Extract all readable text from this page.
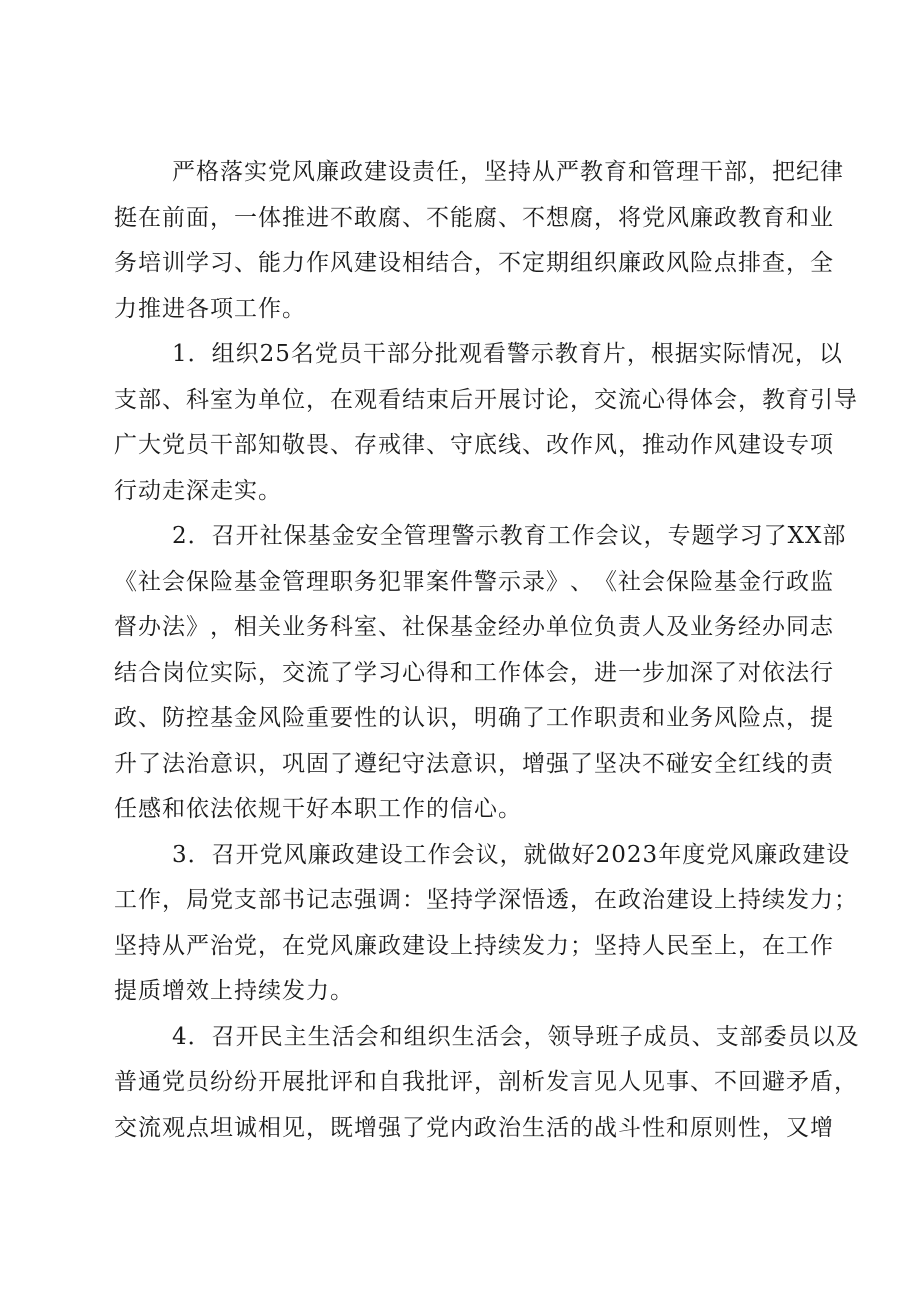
严 格 落 实 党 风 廉 政 建 设 责 任 ， 坚 持 从 严 教 育 和 管 理 干 部 ， 把 纪 律
挺 在 前 面 ， 一 体 推 进 不 敢 腐 、 不 能 腐 、 不 想 腐 ， 将 党 风 廉 政 教 育 和 业
务 培 训 学 习 、 能 力 作 风 建 设 相 结 合 ， 不 定 期 组 织 廉 政 风 险 点 排 查 ， 全
力推进各项工作。
1 ． 组 织 25 名 党 员 干 部 分 批 观 看 警 示 教 育 片 ， 根 据 实 际 情 况 ， 以
支 部 、 科 室 为 单 位 ， 在 观 看 结 束 后 开 展 讨 论 ， 交 流 心 得 体 会 ， 教 育 引 导
广 大 党 员 干 部 知 敬 畏 、 存 戒 律 、 守 底 线 、 改 作 风 ， 推 动 作 风 建 设 专 项
行动走深走实。
2 ． 召 开 社 保 基 金 安 全 管 理 警 示 教 育 工 作 会 议 ， 专 题 学 习 了 XX 部
《 社 会 保 险 基 金 管 理 职 务 犯 罪 案 件 警 示 录 》 、 《 社 会 保 险 基 金 行 政 监
督 办 法 》 ， 相 关 业 务 科 室 、 社 保 基 金 经 办 单 位 负 责 人 及 业 务 经 办 同 志
结 合 岗 位 实 际 ， 交 流 了 学 习 心 得 和 工 作 体 会 ， 进 一 步 加 深 了 对 依 法 行
政 、 防 控 基 金 风 险 重 要 性 的 认 识 ， 明 确 了 工 作 职 责 和 业 务 风 险 点 ， 提
升 了 法 治 意 识 ， 巩 固 了 遵 纪 守 法 意 识 ， 增 强 了 坚 决 不 碰 安 全 红 线 的 责
任感和依法依规干好本职工作的信心。
3 ． 召 开 党 风 廉 政 建 设 工 作 会 议 ， 就 做 好 2023 年 度 党 风 廉 政 建 设
工 作 ， 局 党 支 部 书 记 志 强 调 ： 坚 持 学 深 悟 透 ， 在 政 治 建 设 上 持 续 发 力 ；
坚 持 从 严 治 党 ， 在 党 风 廉 政 建 设 上 持 续 发 力 ； 坚 持 人 民 至 上 ， 在 工 作
提质增效上持续发力。
4 ． 召 开 民 主 生 活 会 和 组 织 生 活 会 ， 领 导 班 子 成 员 、 支 部 委 员 以 及
普 通 党 员 纷 纷 开 展 批 评 和 自 我 批 评 ， 剖 析 发 言 见 人 见 事 、 不 回 避 矛 盾 ，
交 流 观 点 坦 诚 相 见 ， 既 增 强 了 党 内 政 治 生 活 的 战 斗 性 和 原 则 性 ， 又 增
